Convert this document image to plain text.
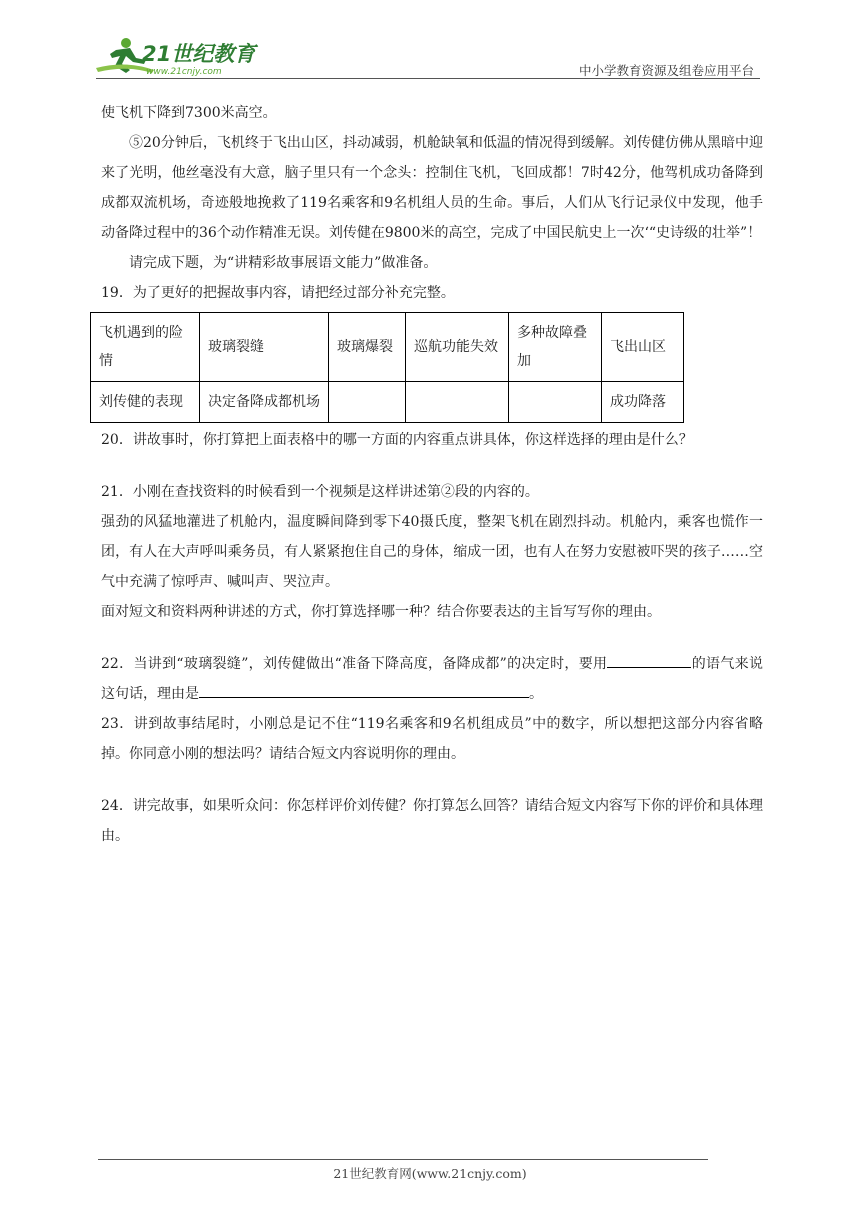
21世纪教育
www.21cnjy.com	中小学教育资源及组卷应用平台

使飞机下降到7300米高空。

⑤20分钟后，飞机终于飞出山区，抖动减弱，机舱缺氧和低温的情况得到缓解。刘传健仿佛从黑暗中迎来了光明，他丝毫没有大意，脑子里只有一个念头：控制住飞机，飞回成都！7时42分，他驾机成功备降到成都双流机场，奇迹般地挽救了119名乘客和9名机组人员的生命。事后，人们从飞行记录仪中发现，他手动备降过程中的36个动作精准无误。刘传健在9800米的高空，完成了中国民航史上一次‘“史诗级的壮举”！

请完成下题，为“讲精彩故事展语文能力”做准备。

19．为了更好的把握故事内容，请把经过部分补充完整。

飞机遇到的险情	玻璃裂缝	玻璃爆裂	巡航功能失效	多种故障叠加	飞出山区
刘传健的表现	决定备降成都机场				成功降落

20．讲故事时，你打算把上面表格中的哪一方面的内容重点讲具体，你这样选择的理由是什么？

21．小刚在查找资料的时候看到一个视频是这样讲述第②段的内容的。

强劲的风猛地灌进了机舱内，温度瞬间降到零下40摄氏度，整架飞机在剧烈抖动。机舱内，乘客也慌作一团，有人在大声呼叫乘务员，有人紧紧抱住自己的身体，缩成一团，也有人在努力安慰被吓哭的孩子……空气中充满了惊呼声、喊叫声、哭泣声。

面对短文和资料两种讲述的方式，你打算选择哪一种？结合你要表达的主旨写写你的理由。

22．当讲到“玻璃裂缝”，刘传健做出“准备下降高度，备降成都”的决定时，要用	的语气来说这句话，理由是	。

23．讲到故事结尾时，小刚总是记不住“119名乘客和9名机组成员”中的数字，所以想把这部分内容省略掉。你同意小刚的想法吗？请结合短文内容说明你的理由。

24．讲完故事，如果听众问：你怎样评价刘传健？你打算怎么回答？请结合短文内容写下你的评价和具体理由。

21世纪教育网(www.21cnjy.com)
